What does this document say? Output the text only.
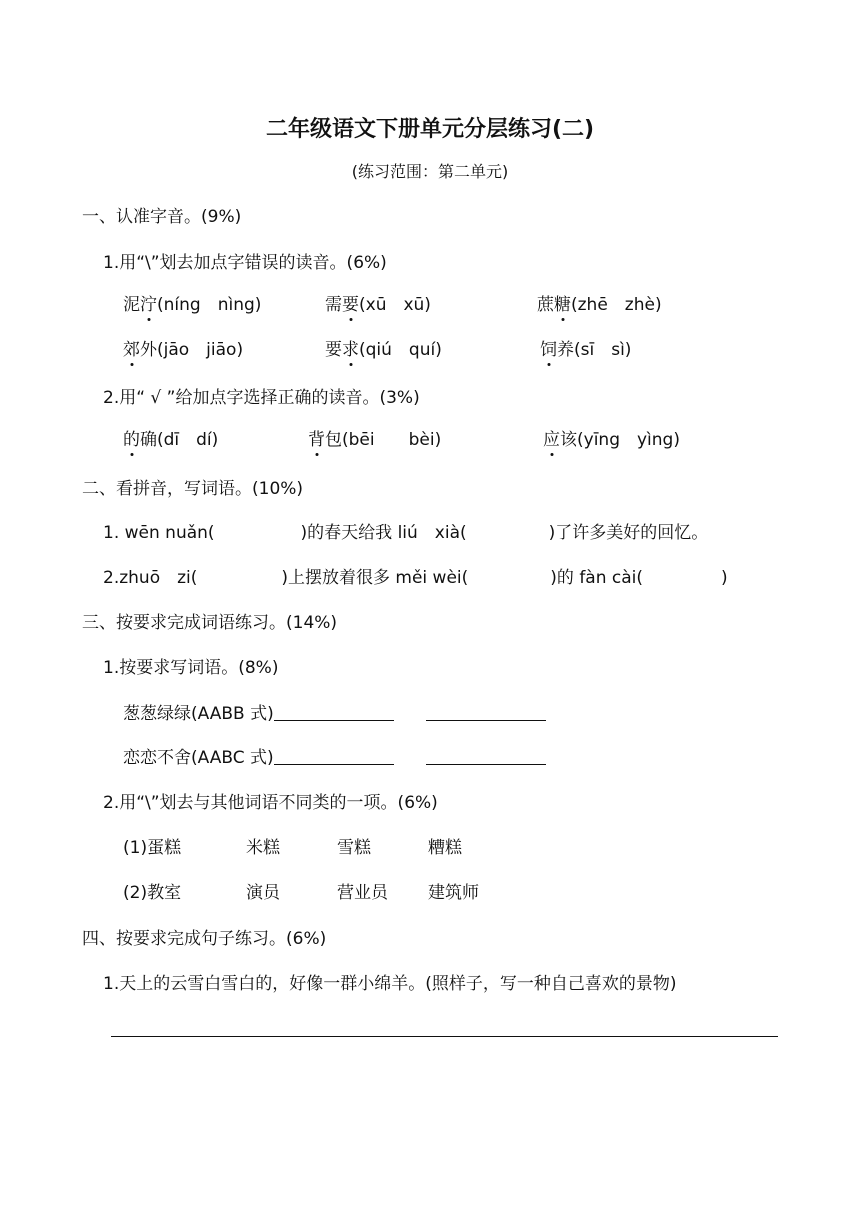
二年级语文下册单元分层练习(二)
(练习范围：第二单元)
一、认准字音。(9%)
1.用“\”划去加点字错误的读音。(6%)
泥泞(níng　nìng)	需要(xū　xū)	蔗糖(zhē　zhè)
郊外(jāo　jiāo)	要求(qiú　quí)	饲养(sī　sì)
2.用“ √ ”给加点字选择正确的读音。(3%)
的确(dī　dí)	背包(bēi　　bèi)	应该(yīng　yìng)
二、看拼音，写词语。(10%)
1. wēn nuǎn(	)的春天给我 liú　xià(	)了许多美好的回忆。
2.zhuō　zi(	)上摆放着很多 měi wèi(	)的 fàn cài(	)
三、按要求完成词语练习。(14%)
1.按要求写词语。(8%)
葱葱绿绿(AABB 式)
恋恋不舍(AABC 式)
2.用“\”划去与其他词语不同类的一项。(6%)
(1)蛋糕	米糕	雪糕	糟糕
(2)教室	演员	营业员 建筑师
四、按要求完成句子练习。(6%)
1.天上的云雪白雪白的，好像一群小绵羊。(照样子，写一种自己喜欢的景物)
